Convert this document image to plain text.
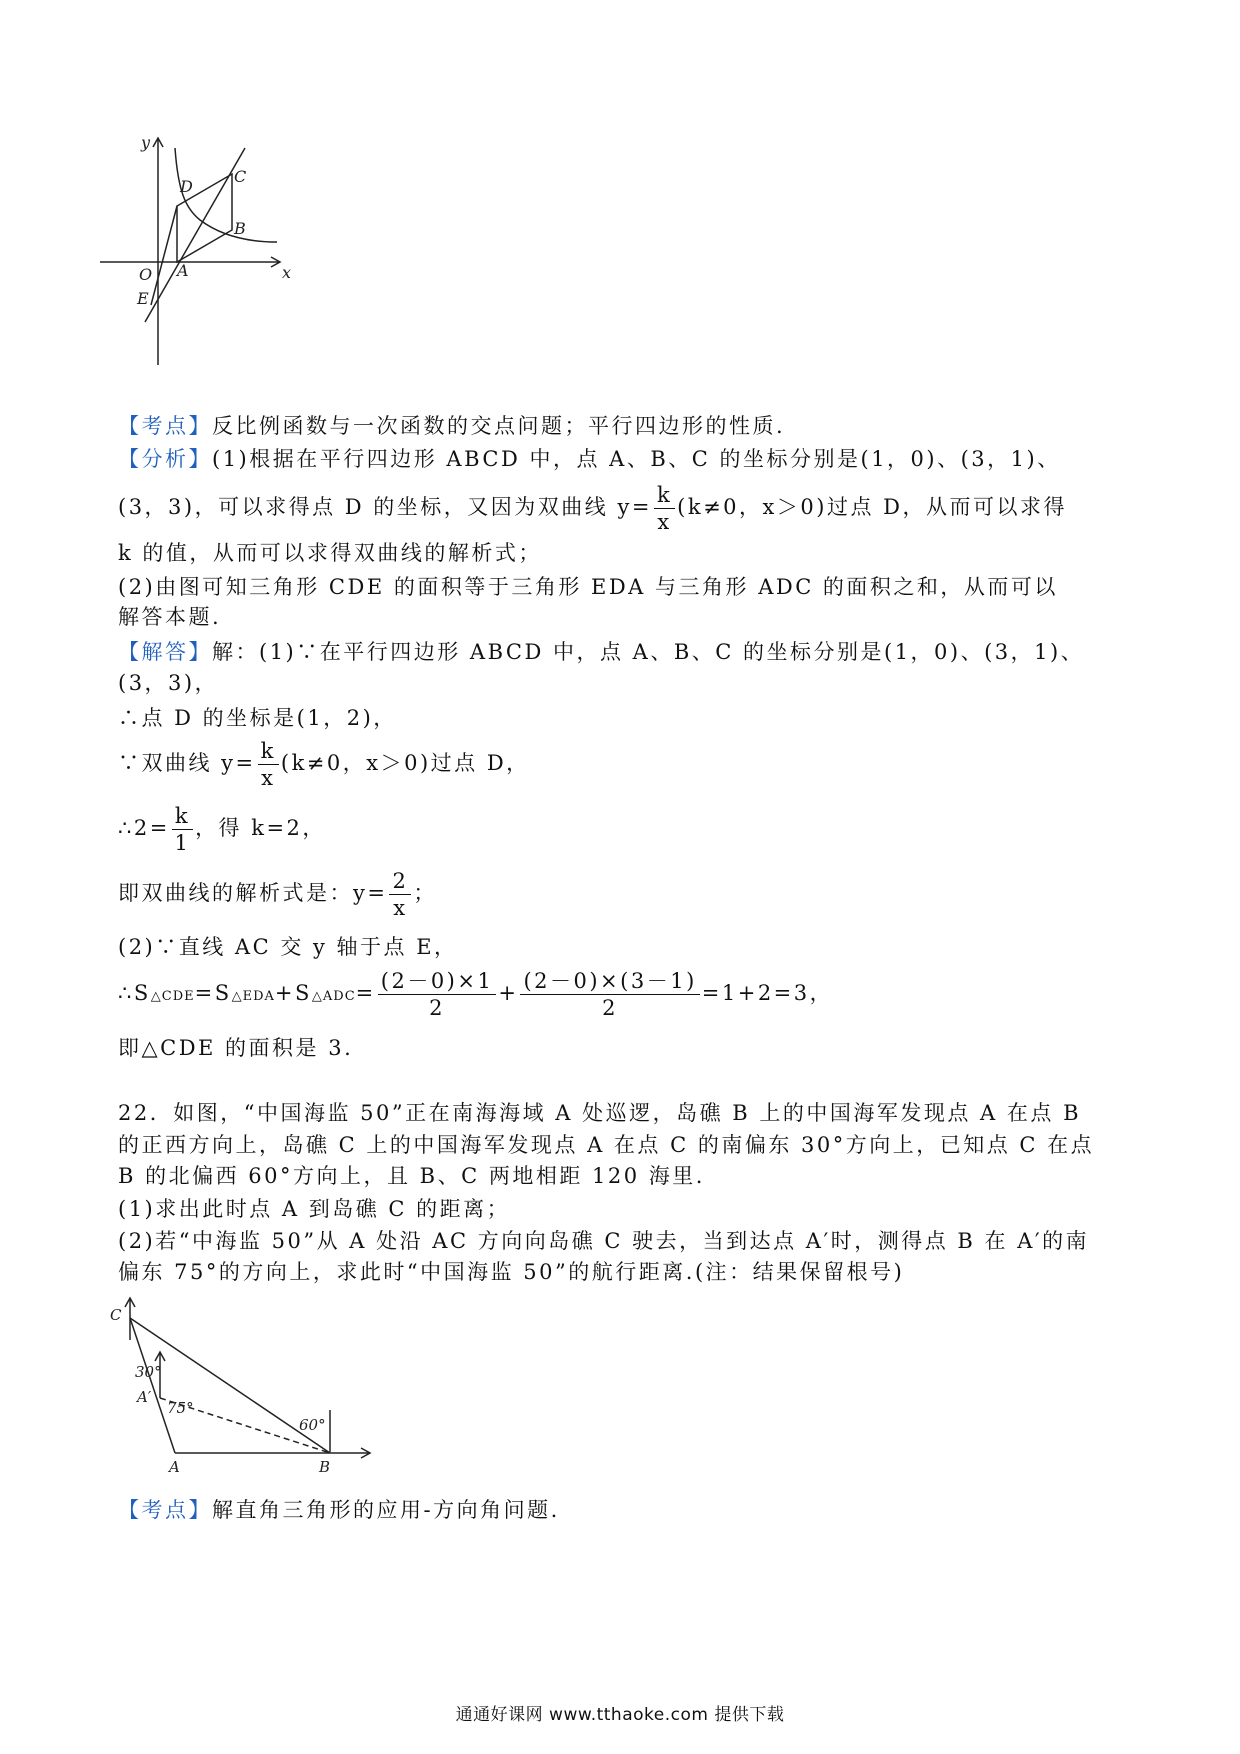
y
x
O A
B
C
D
E
【考点】反比例函数与一次函数的交点问题；平行四边形的性质.
【分析】(1)根据在平行四边形 ABCD 中，点 A、B、C 的坐标分别是(1，0)、(3，1)、
(3，3)，可以求得点 D 的坐标，又因为双曲线 $y= \frac{k}{x} (k\ne 0$，x＞0)过点 D，从而可以求得
k 的值，从而可以求得双曲线的解析式；
(2)由图可知三角形 CDE 的面积等于三角形 EDA 与三角形 ADC 的面积之和，从而可以
解答本题.
【解答】解：(1)∵在平行四边形 ABCD 中，点 A、B、C 的坐标分别是(1，0)、(3，1)、
(3，3)，
∴点 D 的坐标是(1，2)，
∵双曲线 $y= \frac{k}{x} (k\ne 0$，x＞0)过点 D，
∴2= $\frac{k}{1}$ ，得 k=2，
即双曲线的解析式是：$y= \frac{2}{x}$ ；
(2)∵直线 AC 交 y 轴于点 E，
∴S△CDE=S△EDA+S△ADC= $\frac{(2-0)\times 1}{2} + \frac{(2-0)\times(3-1)}{2} =1+2=3$，
即△CDE 的面积是 3.
22．如图，“中国海监 50”正在南海海域 A 处巡逻，岛礁 B 上的中国海军发现点 A 在点 B
的正西方向上，岛礁 C 上的中国海军发现点 A 在点 C 的南偏东 30°方向上，已知点 C 在点
B 的北偏西 60°方向上，且 B、C 两地相距 120 海里.
(1)求出此时点 A 到岛礁 C 的距离；
(2)若“中海监 50”从 A 处沿 AC 方向向岛礁 C 驶去，当到达点 A′时，测得点 B 在 A′的南
偏东 75°的方向上，求此时“中国海监 50”的航行距离.(注：结果保留根号)
C
30°
A′
75°
A
60°
B
【考点】解直角三角形的应用-方向角问题.
通通好课网 www.tthaoke.com 提供下载
